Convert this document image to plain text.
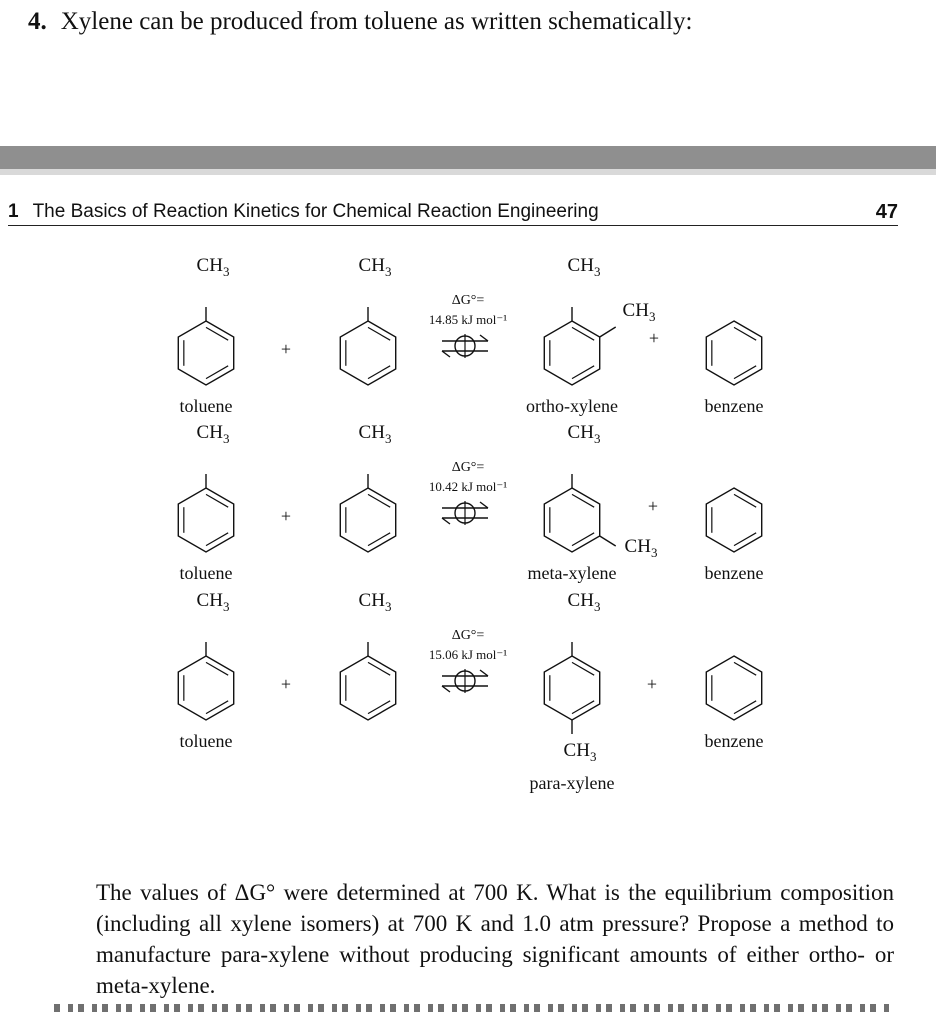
4. Xylene can be produced from toluene as written schematically:
1 The Basics of Reaction Kinetics for Chemical Reaction Engineering	47
$CH_3$
toluene
+
$CH_3$
ΔG°=
14.85 kJ mol⁻¹
$CH_3$
$CH_3$
+
ortho-xylene	benzene
$CH_3$
toluene
+
$CH_3$
ΔG°=
10.42 kJ mol⁻¹
$CH_3$
$CH_3$
+
meta-xylene	benzene
$CH_3$
toluene
+
$CH_3$
ΔG°=
15.06 kJ mol⁻¹
$CH_3$
$CH_3$
+
para-xylene
benzene
The values of ΔG° were determined at 700 K. What is the equilibrium composition (including all xylene isomers) at 700 K and 1.0 atm pressure? Propose a method to manufacture para-xylene without producing significant amounts of either ortho- or meta-xylene.
